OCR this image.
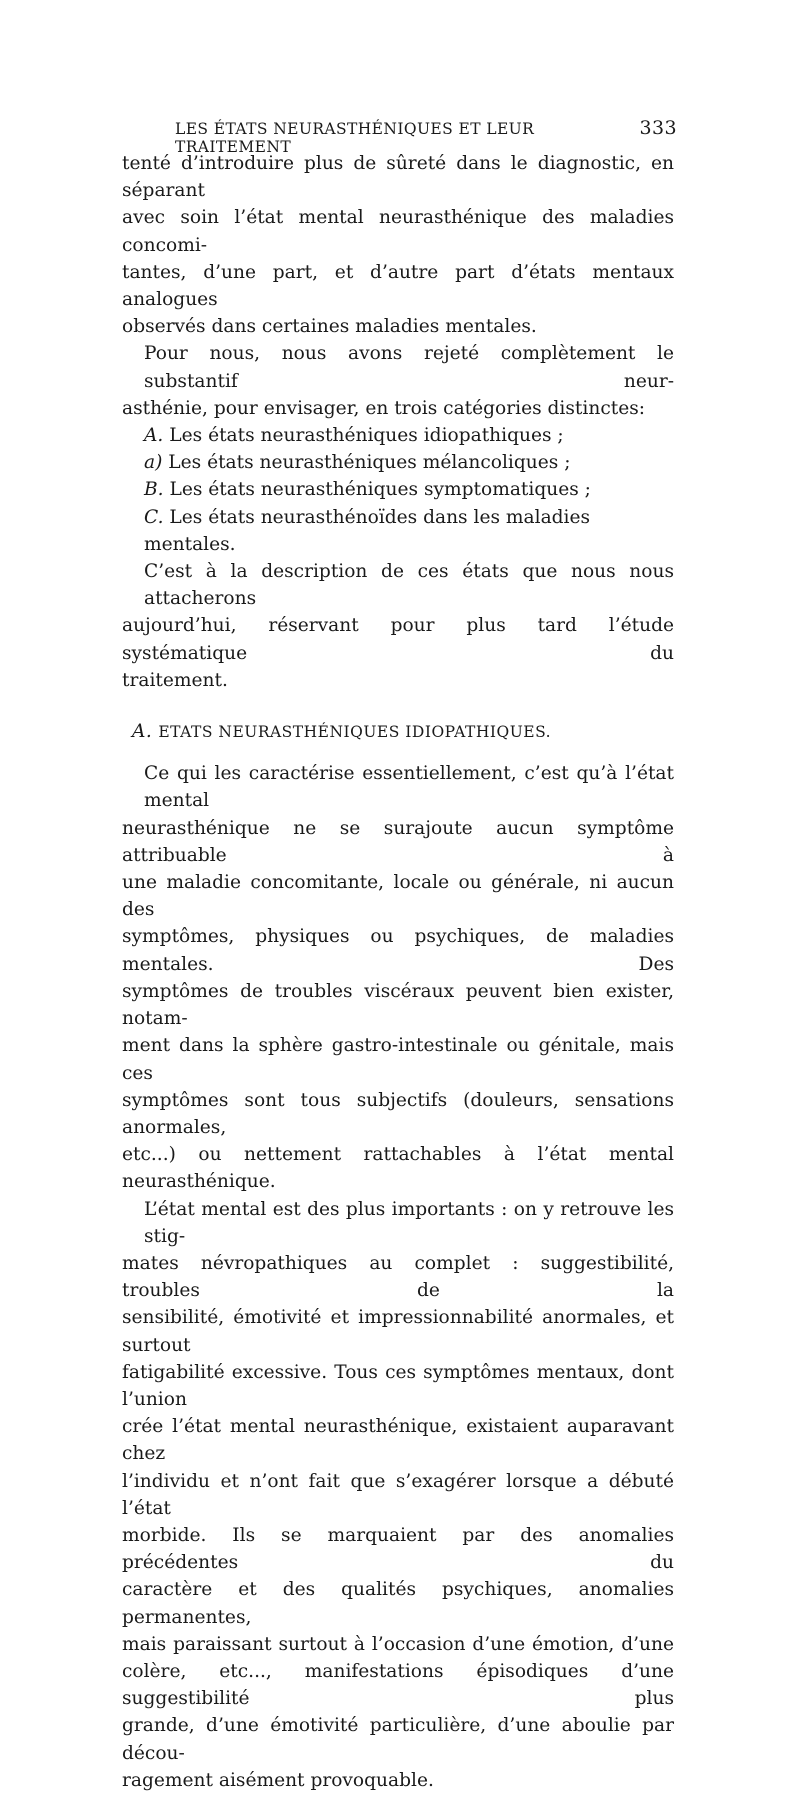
LES ÉTATS NEURASTHÉNIQUES ET LEUR TRAITEMENT
333

tenté d’introduire plus de sûreté dans le diagnostic, en séparant
avec soin l’état mental neurasthénique des maladies concomi-
tantes, d’une part, et d’autre part d’états mentaux analogues
observés dans certaines maladies mentales.

Pour nous, nous avons rejeté complètement le substantif neur-
asthénie, pour envisager, en trois catégories distinctes:

A. Les états neurasthéniques idiopathiques ;
a) Les états neurasthéniques mélancoliques ;
B. Les états neurasthéniques symptomatiques ;
C. Les états neurasthénoïdes dans les maladies mentales.

C’est à la description de ces états que nous nous attacherons
aujourd’hui, réservant pour plus tard l’étude systématique du
traitement.

A. ETATS NEURASTHÉNIQUES IDIOPATHIQUES.

Ce qui les caractérise essentiellement, c’est qu’à l’état mental
neurasthénique ne se surajoute aucun symptôme attribuable à
une maladie concomitante, locale ou générale, ni aucun des
symptômes, physiques ou psychiques, de maladies mentales. Des
symptômes de troubles viscéraux peuvent bien exister, notam-
ment dans la sphère gastro-intestinale ou génitale, mais ces
symptômes sont tous subjectifs (douleurs, sensations anormales,
etc...) ou nettement rattachables à l’état mental neurasthénique.

L’état mental est des plus importants : on y retrouve les stig-
mates névropathiques au complet : suggestibilité, troubles de la
sensibilité, émotivité et impressionnabilité anormales, et surtout
fatigabilité excessive. Tous ces symptômes mentaux, dont l’union
crée l’état mental neurasthénique, existaient auparavant chez
l’individu et n’ont fait que s’exagérer lorsque a débuté l’état
morbide. Ils se marquaient par des anomalies précédentes du
caractère et des qualités psychiques, anomalies permanentes,
mais paraissant surtout à l’occasion d’une émotion, d’une
colère, etc..., manifestations épisodiques d’une suggestibilité plus
grande, d’une émotivité particulière, d’une aboulie par décou-
ragement aisément provoquable.
